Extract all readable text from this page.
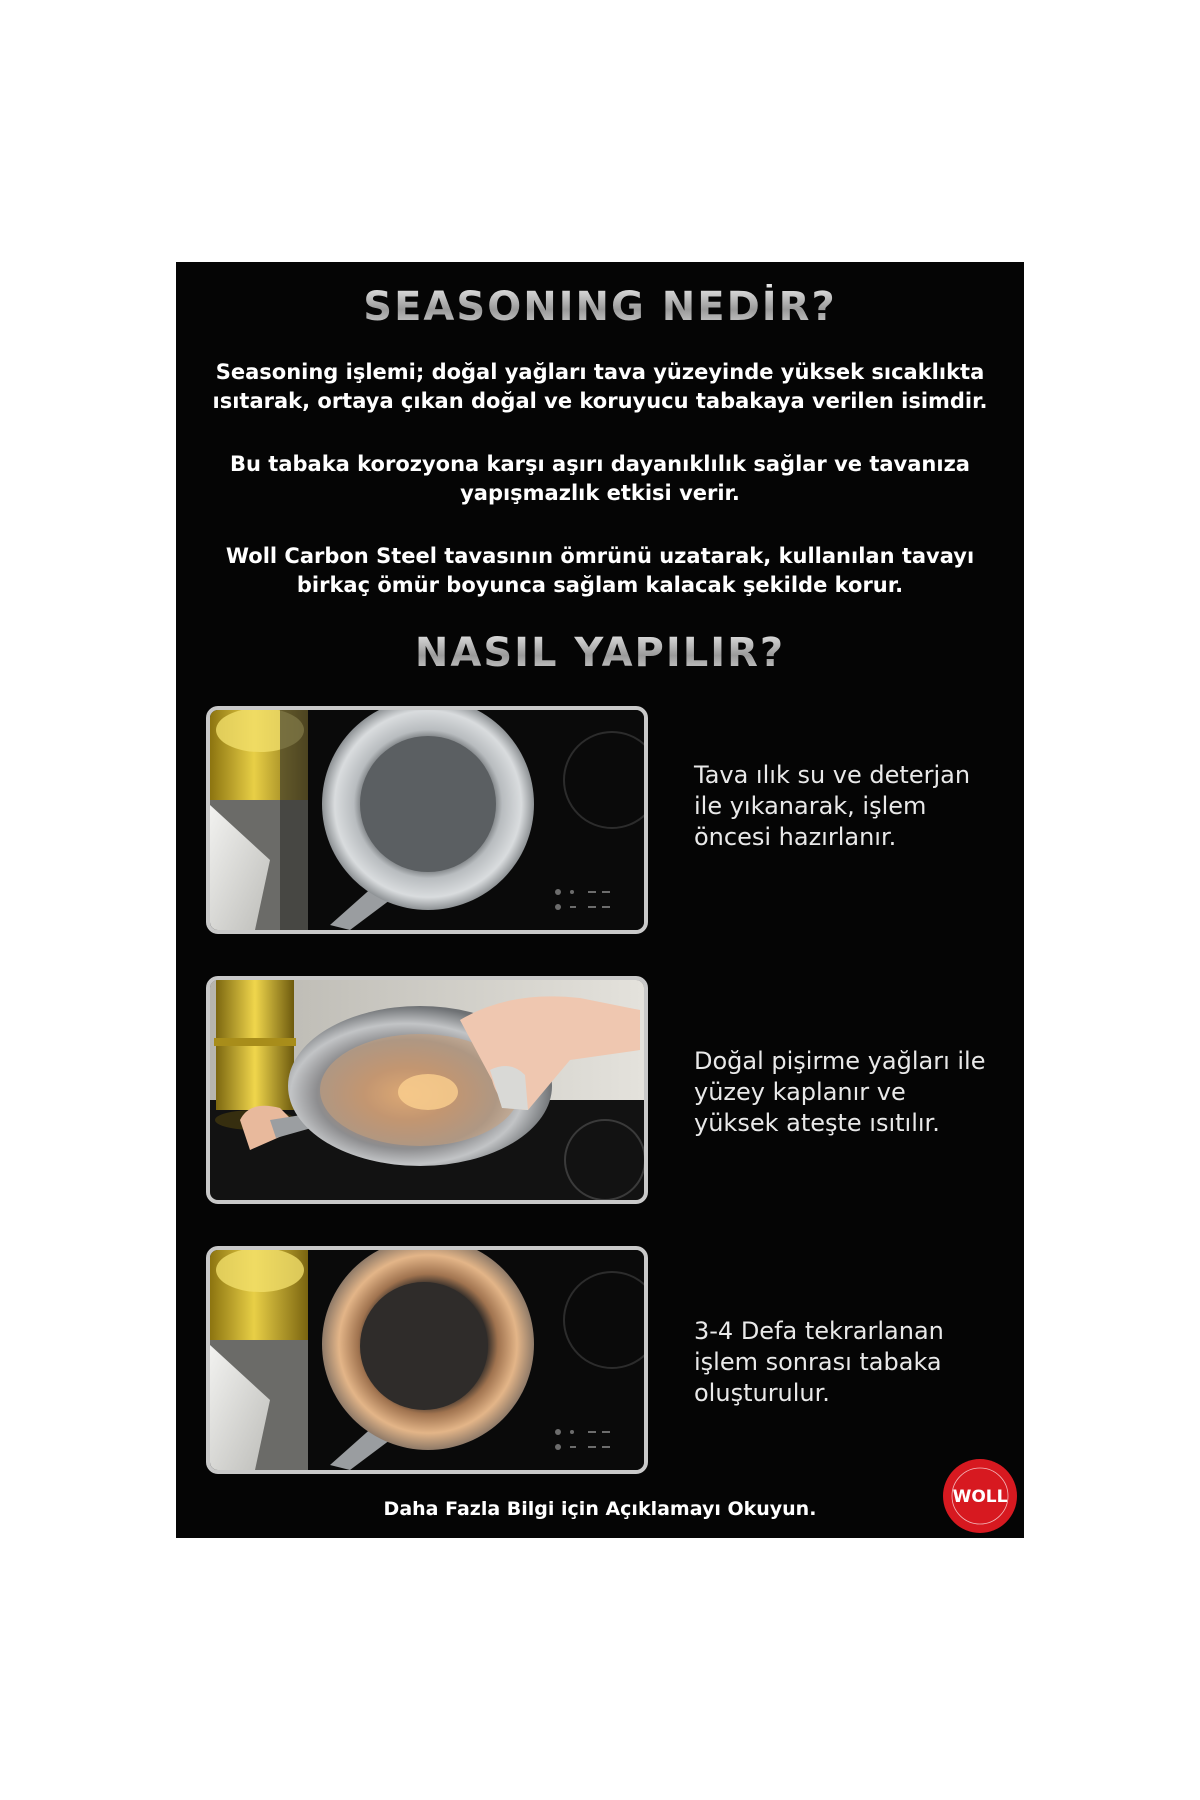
SEASONING NEDİR?

Seasoning işlemi; doğal yağları tava yüzeyinde yüksek sıcaklıkta ısıtarak, ortaya çıkan doğal ve koruyucu tabakaya verilen isimdir.

Bu tabaka korozyona karşı aşırı dayanıklılık sağlar ve tavanıza yapışmazlık etkisi verir.

Woll Carbon Steel tavasının ömrünü uzatarak, kullanılan tavayı birkaç ömür boyunca sağlam kalacak şekilde korur.

NASIL YAPILIR?

Tava ılık su ve deterjan ile yıkanarak, işlem öncesi hazırlanır.

Doğal pişirme yağları ile yüzey kaplanır ve yüksek ateşte ısıtılır.

3-4 Defa tekrarlanan işlem sonrası tabaka oluşturulur.

Daha Fazla Bilgi için Açıklamayı Okuyun.

WOLL
